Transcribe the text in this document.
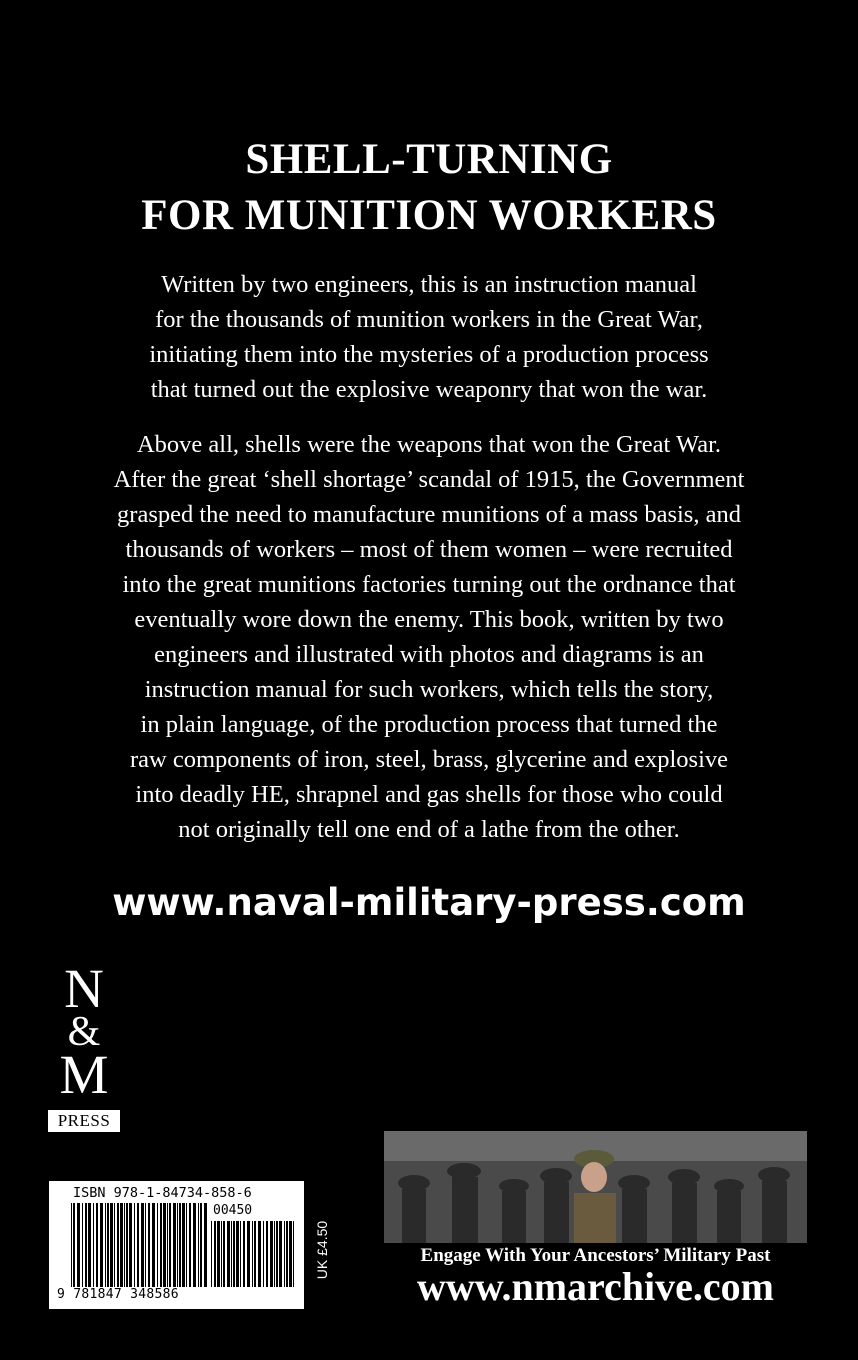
SHELL-TURNING
FOR MUNITION WORKERS
Written by two engineers, this is an instruction manual
for the thousands of munition workers in the Great War,
initiating them into the mysteries of a production process
that turned out the explosive weaponry that won the war.
Above all, shells were the weapons that won the Great War.
After the great ‘shell shortage’ scandal of 1915, the Government
grasped the need to manufacture munitions of a mass basis, and
thousands of workers – most of them women – were recruited
into the great munitions factories turning out the ordnance that
eventually wore down the enemy. This book, written by two
engineers and illustrated with photos and diagrams is an
instruction manual for such workers, which tells the story,
in plain language, of the production process that turned the
raw components of iron, steel, brass, glycerine and explosive
into deadly HE, shrapnel and gas shells for those who could
not originally tell one end of a lathe from the other.
www.naval-military-press.com
N
&
M
PRESS
ISBN 978-1-84734-858-6
00450
9 781847 348586
UK £4.50	Engage With Your Ancestors’ Military Past
www.nmarchive.com
